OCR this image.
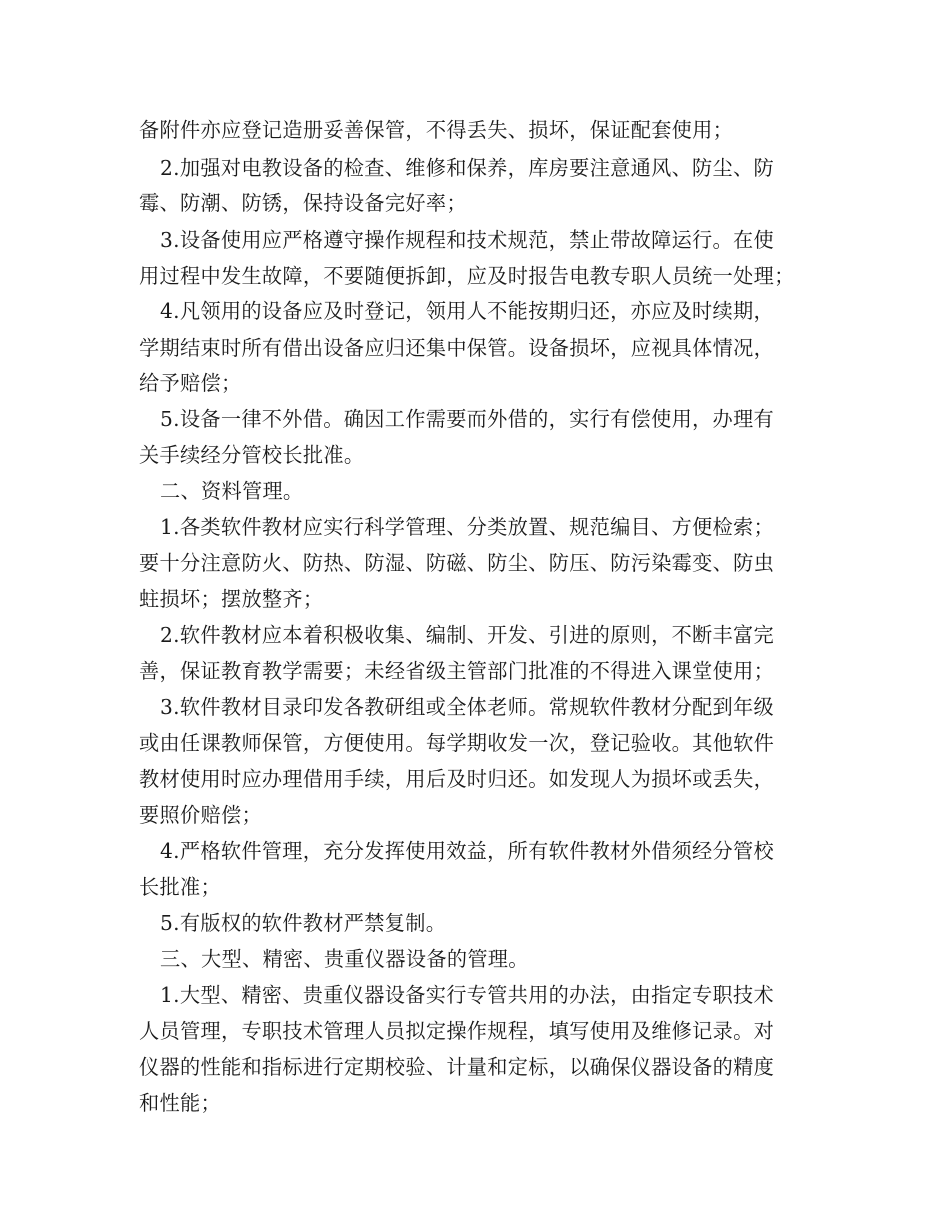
备附件亦应登记造册妥善保管，不得丢失、损坏，保证配套使用；
2.加强对电教设备的检查、维修和保养，库房要注意通风、防尘、防
霉、防潮、防锈，保持设备完好率；
3.设备使用应严格遵守操作规程和技术规范，禁止带故障运行。在使
用过程中发生故障，不要随便拆卸，应及时报告电教专职人员统一处理；
4.凡领用的设备应及时登记，领用人不能按期归还，亦应及时续期，
学期结束时所有借出设备应归还集中保管。设备损坏，应视具体情况，
给予赔偿；
5.设备一律不外借。确因工作需要而外借的，实行有偿使用，办理有
关手续经分管校长批准。
二、资料管理。
1.各类软件教材应实行科学管理、分类放置、规范编目、方便检索；
要十分注意防火、防热、防湿、防磁、防尘、防压、防污染霉变、防虫
蛀损坏；摆放整齐；
2.软件教材应本着积极收集、编制、开发、引进的原则，不断丰富完
善，保证教育教学需要；未经省级主管部门批准的不得进入课堂使用；
3.软件教材目录印发各教研组或全体老师。常规软件教材分配到年级
或由任课教师保管，方便使用。每学期收发一次，登记验收。其他软件
教材使用时应办理借用手续，用后及时归还。如发现人为损坏或丢失，
要照价赔偿；
4.严格软件管理，充分发挥使用效益，所有软件教材外借须经分管校
长批准；
5.有版权的软件教材严禁复制。
三、大型、精密、贵重仪器设备的管理。
1.大型、精密、贵重仪器设备实行专管共用的办法，由指定专职技术
人员管理，专职技术管理人员拟定操作规程，填写使用及维修记录。对
仪器的性能和指标进行定期校验、计量和定标，以确保仪器设备的精度
和性能；
